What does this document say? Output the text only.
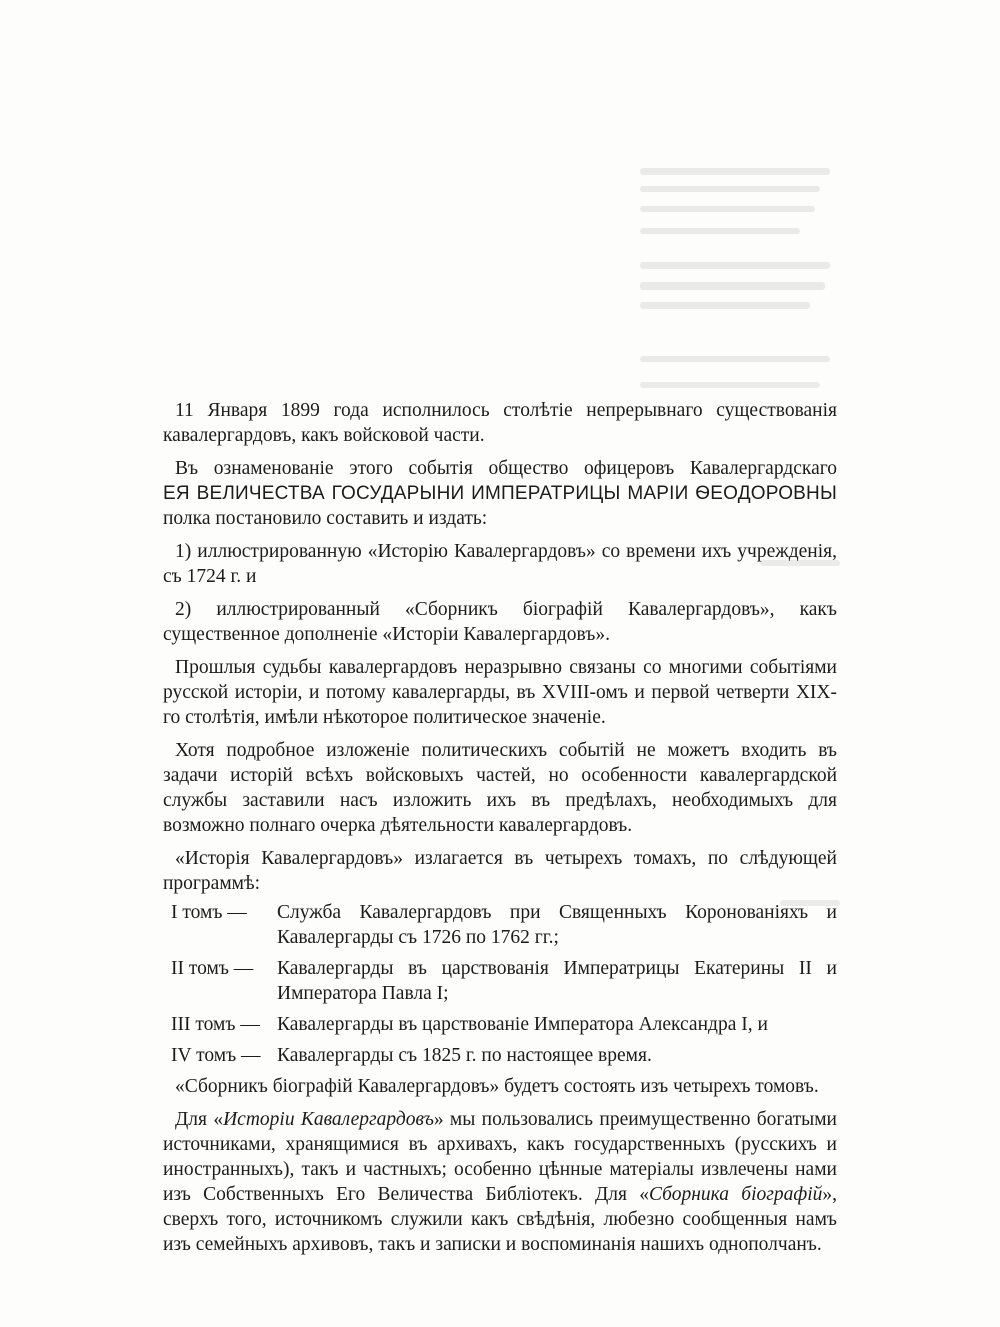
11 Января 1899 года исполнилось столѣтіе непрерывнаго существованія кавалергардовъ, какъ войсковой части.

Въ ознаменованіе этого событія общество офицеровъ Кавалергардскаго
ЕЯ ВЕЛИЧЕСТВА ГОСУДАРЫНИ ИМПЕРАТРИЦЫ МАРІИ ѲЕОДОРОВНЫ
полка постановило составить и издать:

1) иллюстрированную «Исторію Кавалергардовъ» со времени ихъ учрежденія, съ 1724 г. и

2) иллюстрированный «Сборникъ біографій Кавалергардовъ», какъ существенное дополненіе «Исторіи Кавалергардовъ».

Прошлыя судьбы кавалергардовъ неразрывно связаны со многими событіями русской исторіи, и потому кавалергарды, въ XVIII-омъ и первой четверти XIX-го столѣтія, имѣли нѣкоторое политическое значеніе.

Хотя подробное изложеніе политическихъ событій не можетъ входить въ задачи исторій всѣхъ войсковыхъ частей, но особенности кавалергардской службы заставили насъ изложить ихъ въ предѣлахъ, необходимыхъ для возможно полнаго очерка дѣятельности кавалергардовъ.

«Исторія Кавалергардовъ» излагается въ четырехъ томахъ, по слѣдующей программѣ:

I томъ —	Служба Кавалергардовъ при Священныхъ Коронованіяхъ и Кавалергарды съ 1726 по 1762 гг.;
II томъ —	Кавалергарды въ царствованія Императрицы Екатерины II и Императора Павла I;
III томъ — Кавалергарды въ царствованіе Императора Александра I, и
IV томъ — Кавалергарды съ 1825 г. по настоящее время.

«Сборникъ біографій Кавалергардовъ» будетъ состоять изъ четырехъ томовъ.

Для «Исторіи Кавалергардовъ» мы пользовались преимущественно богатыми источниками, хранящимися въ архивахъ, какъ государственныхъ (русскихъ и иностранныхъ), такъ и частныхъ; особенно цѣнные матеріалы извлечены нами изъ Собственныхъ Его Величества Библіотекъ. Для «Сборника біографій», сверхъ того, источникомъ служили какъ свѣдѣнія, любезно сообщенныя намъ изъ семейныхъ архивовъ, такъ и записки и воспоминанія нашихъ однополчанъ.
